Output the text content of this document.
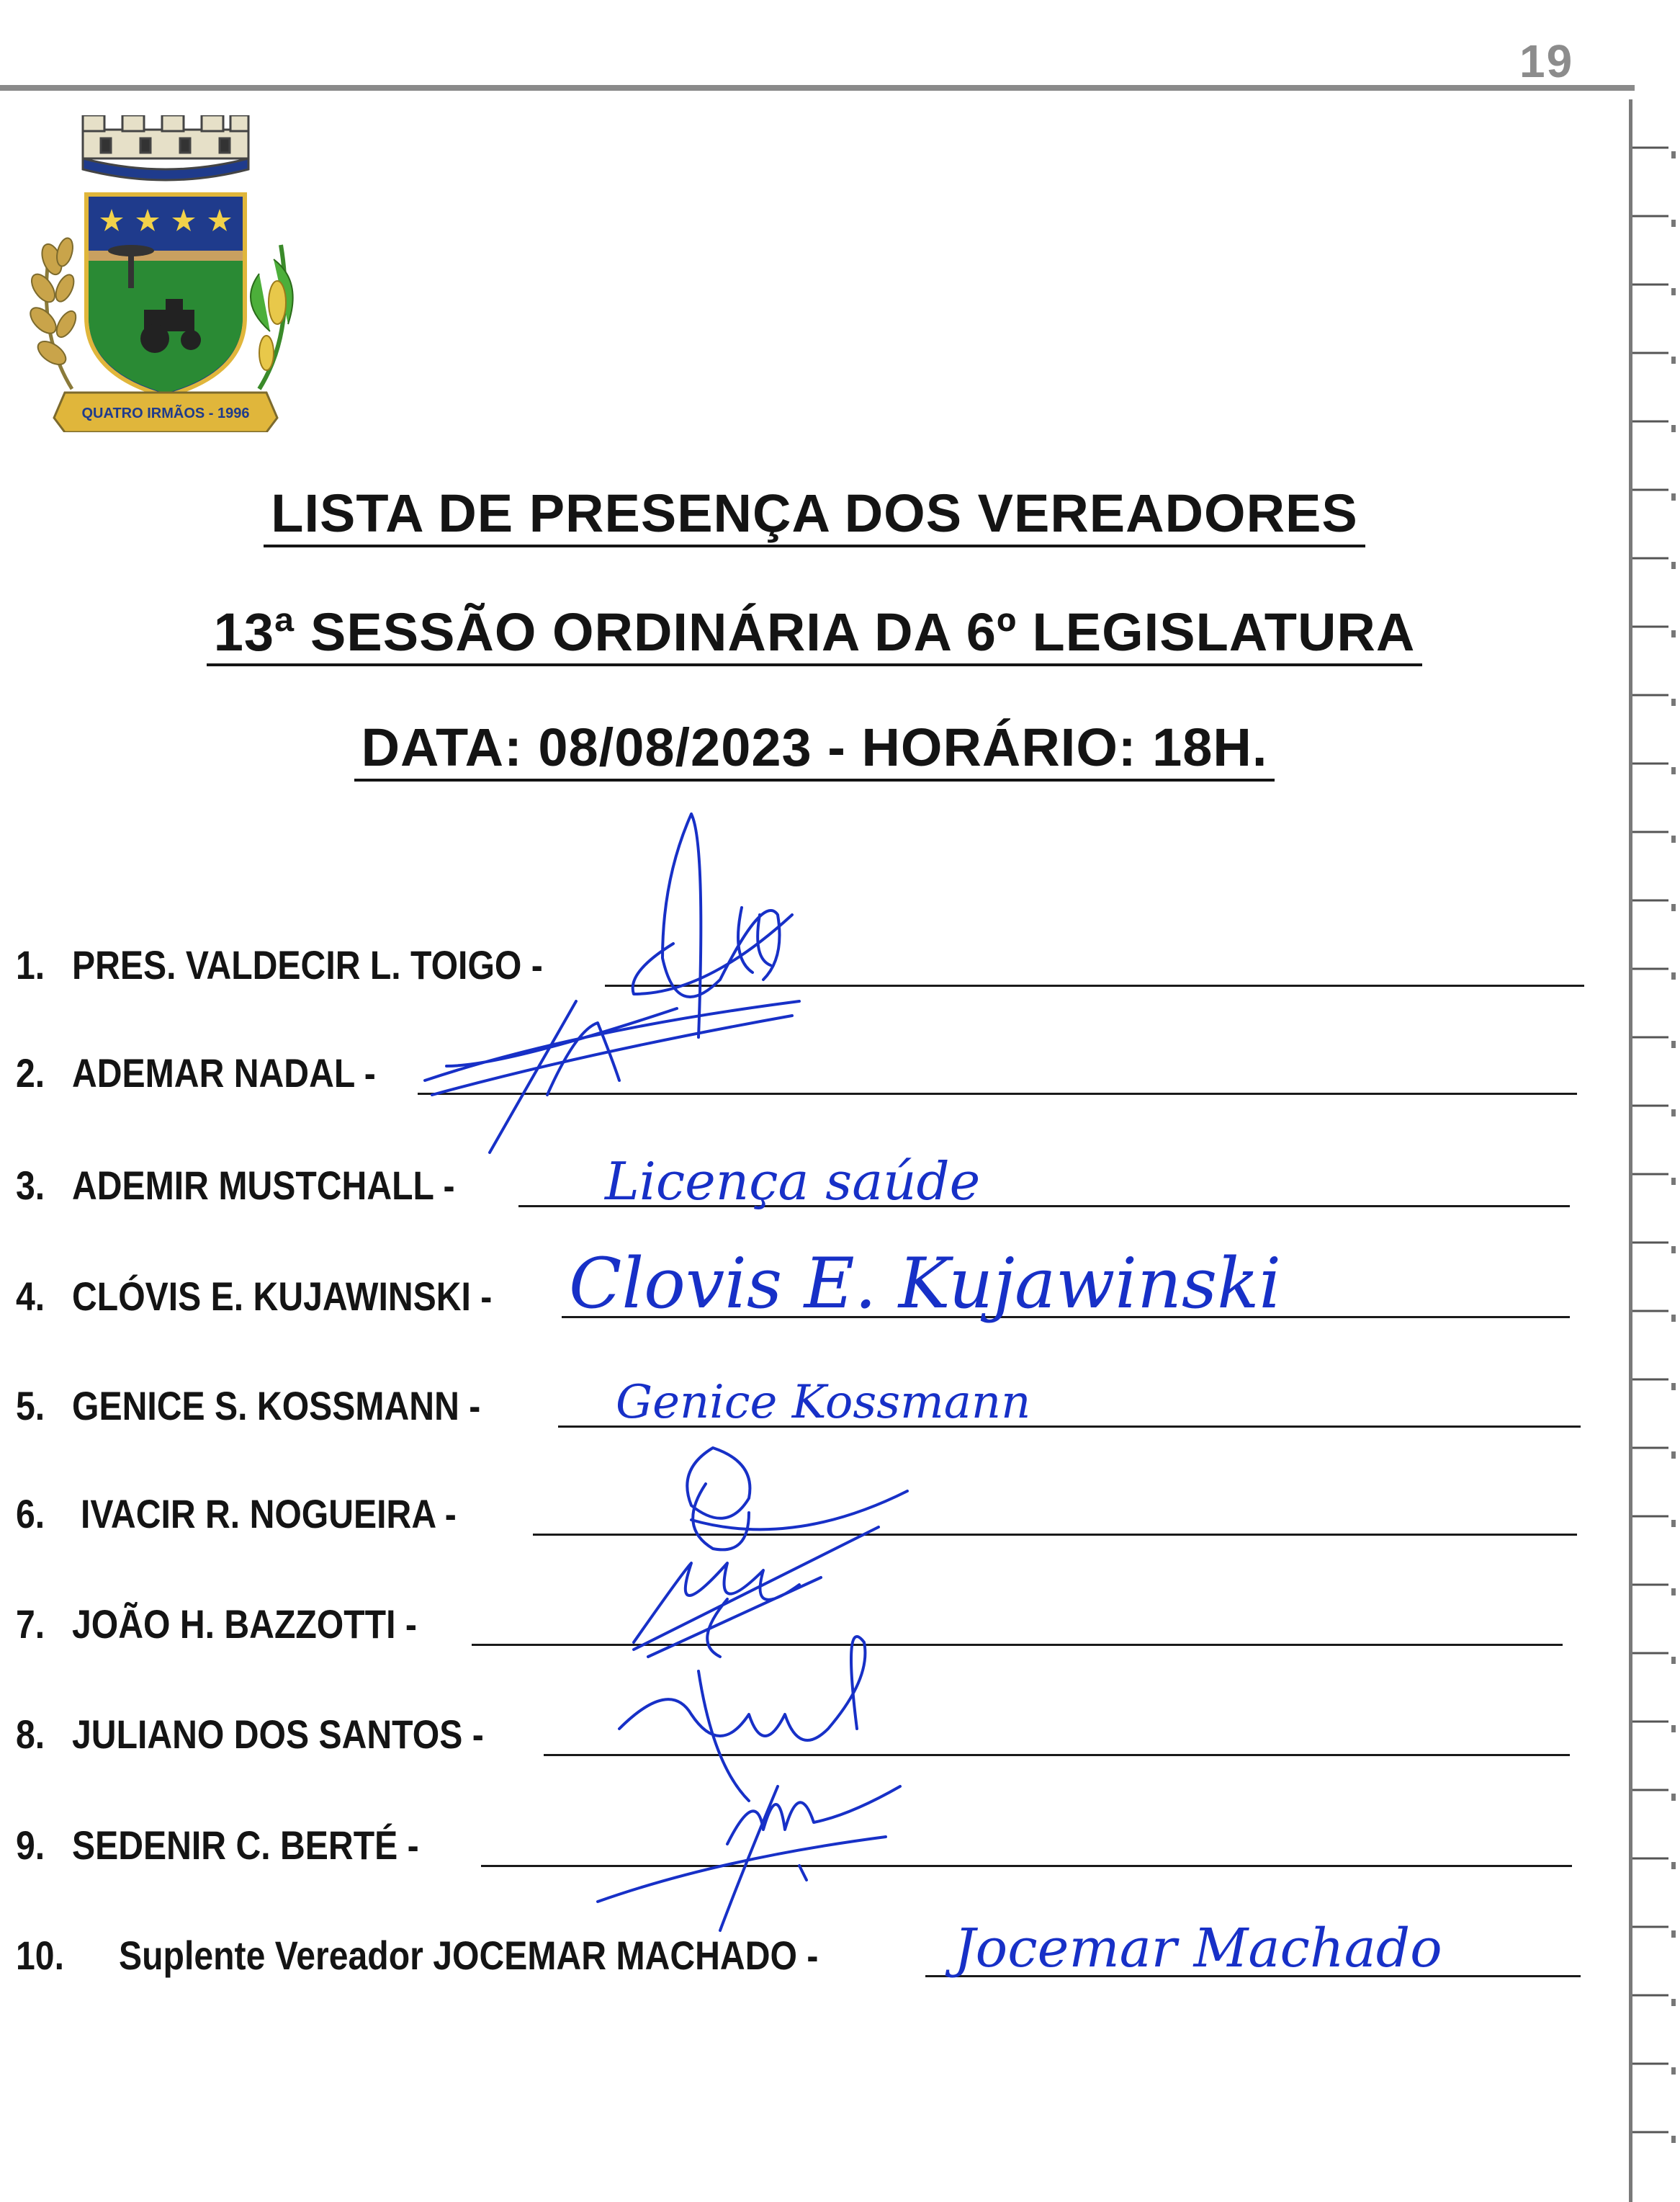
19
QUATRO IRMÃOS - 1996
LISTA DE PRESENÇA DOS VEREADORES
13ª SESSÃO ORDINÁRIA DA 6º LEGISLATURA
DATA: 08/08/2023 - HORÁRIO: 18H.
1. PRES. VALDECIR L. TOIGO -
2. ADEMAR NADAL -
3. ADEMIR MUSTCHALL -
4. CLÓVIS E. KUJAWINSKI -
5. GENICE S. KOSSMANN -
6. IVACIR R. NOGUEIRA -
7. JOÃO H. BAZZOTTI -
8. JULIANO DOS SANTOS -
9. SEDENIR C. BERTÉ -
10. Suplente Vereador JOCEMAR MACHADO -
Licença saúde
Clovis E. Kujawinski
Genice Kossmann
Jocemar Machado
